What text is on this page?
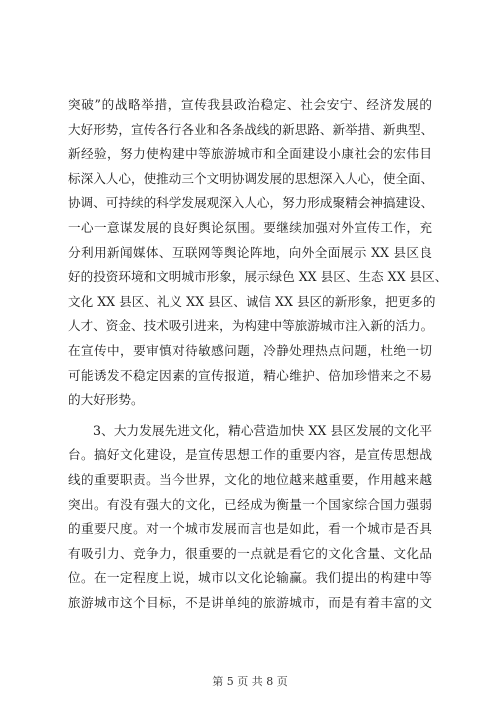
突破”的战略举措，宣传我县政治稳定、社会安宁、经济发展的
大好形势，宣传各行各业和各条战线的新思路、新举措、新典型、
新经验，努力使构建中等旅游城市和全面建设小康社会的宏伟目
标深入人心，使推动三个文明协调发展的思想深入人心，使全面、
协调、可持续的科学发展观深入人心，努力形成聚精会神搞建设、
一心一意谋发展的良好舆论氛围。要继续加强对外宣传工作，充
分利用新闻媒体、互联网等舆论阵地，向外全面展示 XX 县区良
好的投资环境和文明城市形象，展示绿色 XX 县区、生态 XX 县区、
文化 XX 县区、礼义 XX 县区、诚信 XX 县区的新形象，把更多的
人才、资金、技术吸引进来，为构建中等旅游城市注入新的活力。
在宣传中，要审慎对待敏感问题，冷静处理热点问题，杜绝一切
可能诱发不稳定因素的宣传报道，精心维护、倍加珍惜来之不易
的大好形势。
3、大力发展先进文化，精心营造加快 XX 县区发展的文化平
台。搞好文化建设，是宣传思想工作的重要内容，是宣传思想战
线的重要职责。当今世界，文化的地位越来越重要，作用越来越
突出。有没有强大的文化，已经成为衡量一个国家综合国力强弱
的重要尺度。对一个城市发展而言也是如此，看一个城市是否具
有吸引力、竞争力，很重要的一点就是看它的文化含量、文化品
位。在一定程度上说，城市以文化论输赢。我们提出的构建中等
旅游城市这个目标，不是讲单纯的旅游城市，而是有着丰富的文
第 5 页 共 8 页
